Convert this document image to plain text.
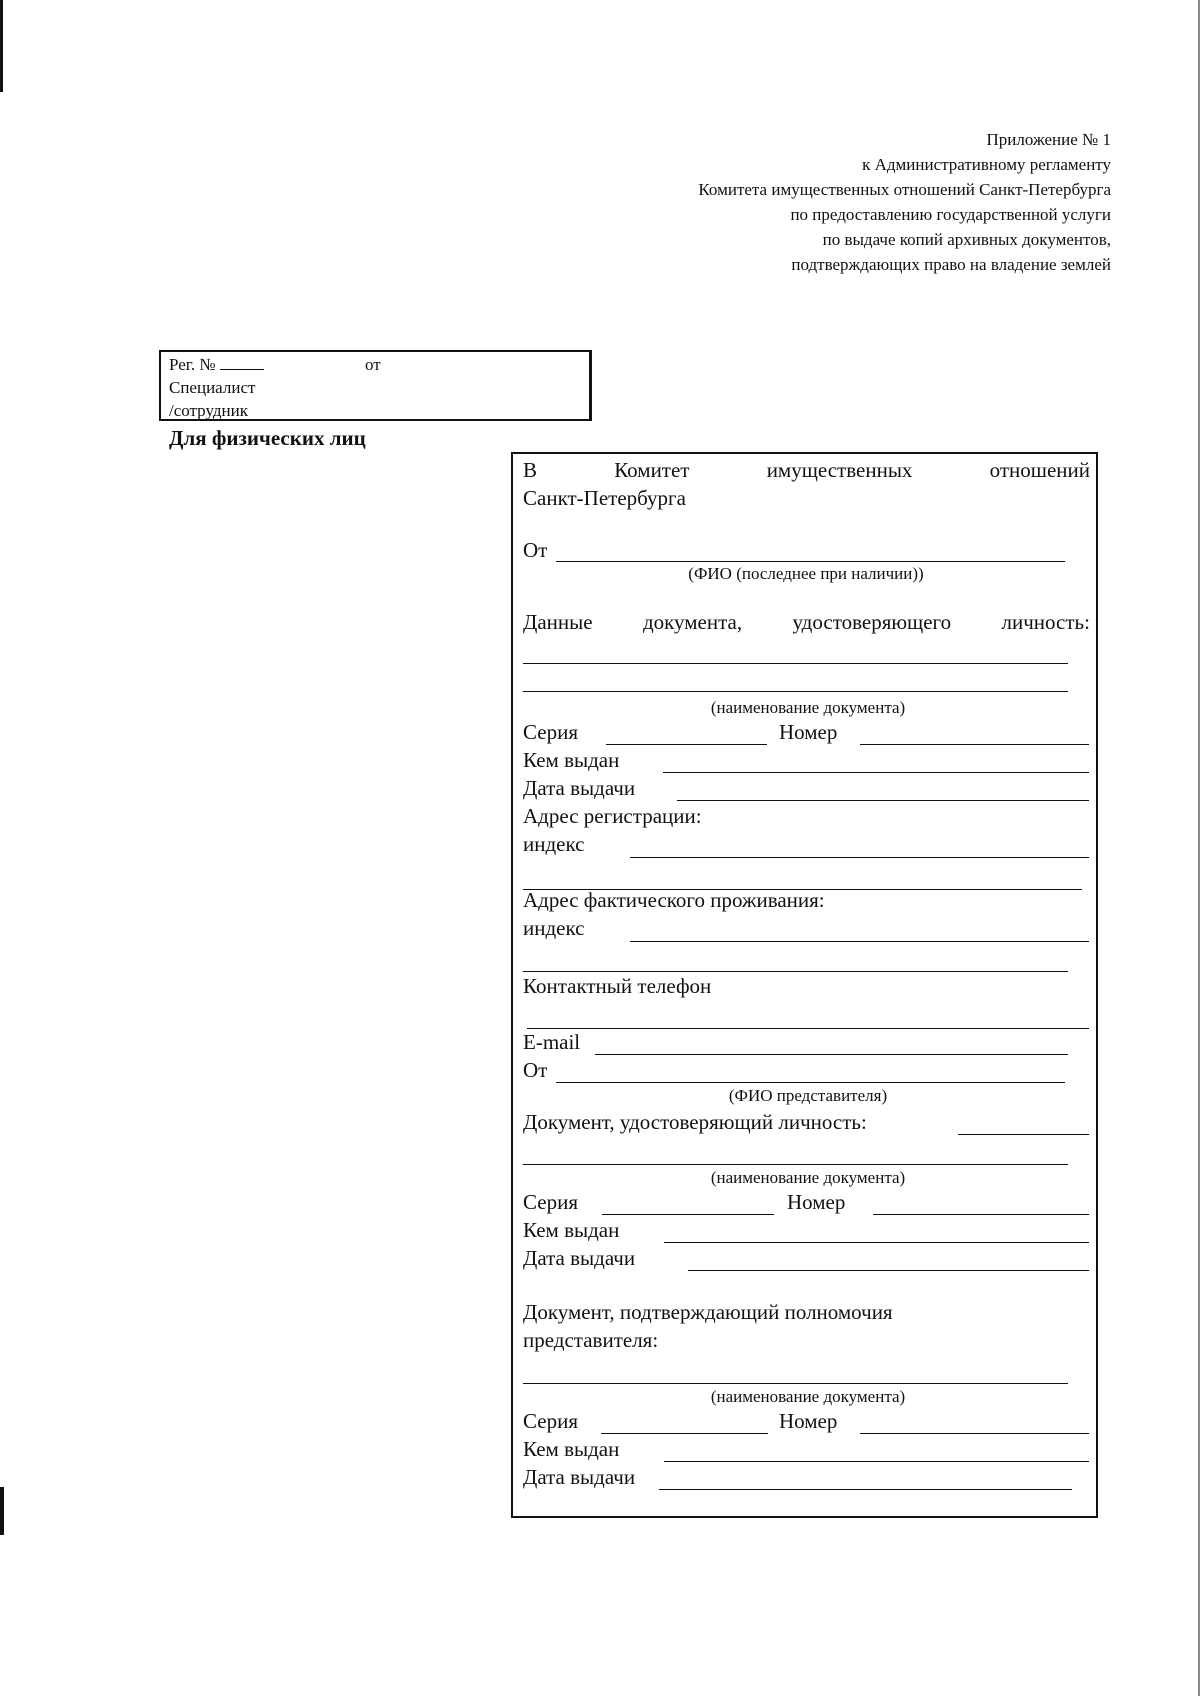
Приложение № 1
к Административному регламенту
Комитета имущественных отношений Санкт-Петербурга
по предоставлению государственной услуги
по выдаче копий архивных документов,
подтверждающих право на владение землей
Рег. №	от
Специалист
/сотрудник
Для физических лиц
В	Комитет	имущественных	отношений
Санкт-Петербурга
От
(ФИО (последнее при наличии))
Данные документа, удостоверяющего личность:
(наименование документа)
Серия	Номер
Кем выдан
Дата выдачи
Адрес регистрации:
индекс
Адрес фактического проживания:
индекс
Контактный телефон
E-mail
От
(ФИО представителя)
Документ, удостоверяющий личность:
(наименование документа)
Серия	Номер
Кем выдан
Дата выдачи
Документ, подтверждающий полномочия
представителя:
(наименование документа)
Серия	Номер
Кем выдан
Дата выдачи
